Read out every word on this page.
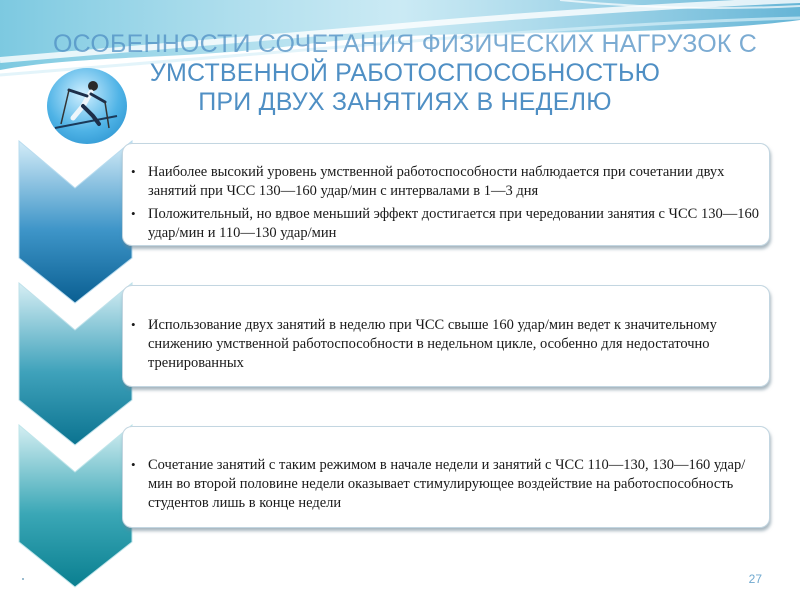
ОСОБЕННОСТИ СОЧЕТАНИЯ ФИЗИЧЕСКИХ НАГРУЗОК С
УМСТВЕННОЙ РАБОТОСПОСОБНОСТЬЮ
ПРИ ДВУХ ЗАНЯТИЯХ В НЕДЕЛЮ
• Наиболее высокий уровень умственной работоспособности наблюдается при сочетании двух занятий при ЧСС 130—160 удар/мин с интервалами в 1—3 дня
• Положительный, но вдвое меньший эффект достигается при чередовании занятия с ЧСС 130—160 удар/мин и 110—130 удар/мин
• Использование двух занятий в неделю при ЧСС свыше 160 удар/мин ведет к значительному снижению умственной работоспособности в недельном цикле, особенно для недостаточно тренированных
• Сочетание занятий с таким режимом в начале недели и занятий с ЧСС 110—130, 130—160 удар/мин во второй половине недели оказывает стимулирующее воздействие на работоспособность студентов лишь в конце недели
27
